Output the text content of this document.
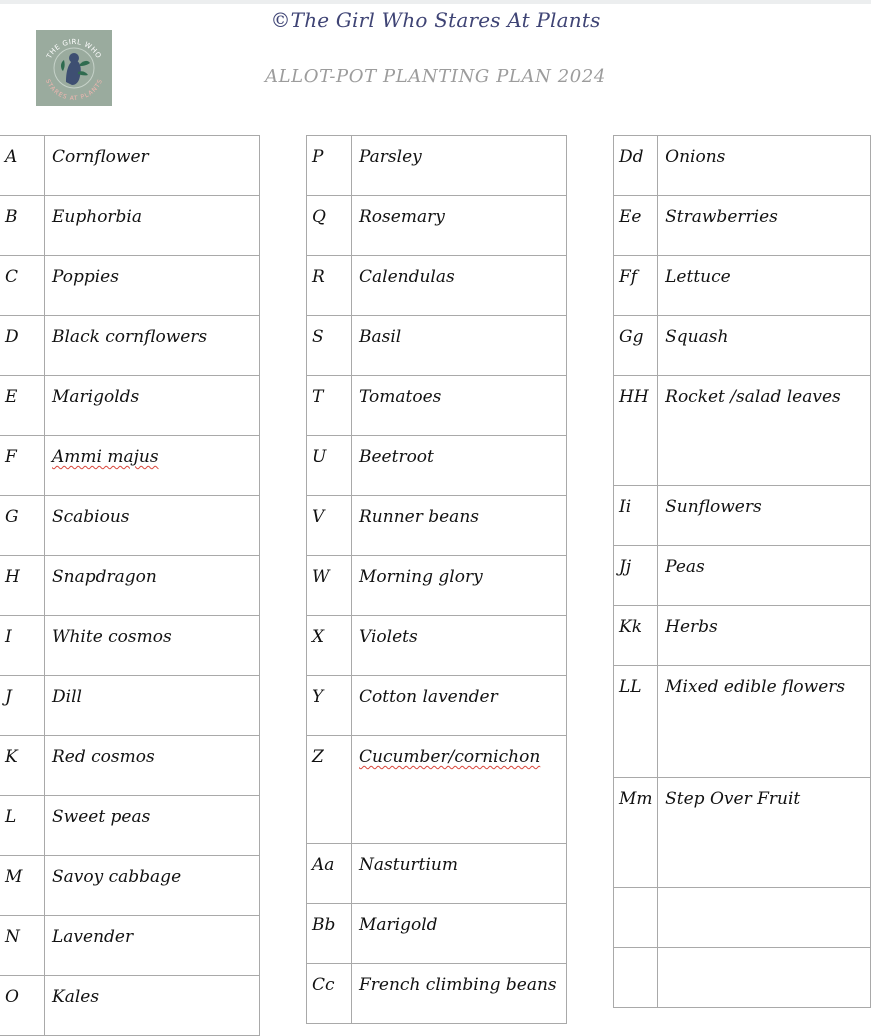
©The Girl Who Stares At Plants
THE GIRL WHO
STARES AT PLANTS	ALLOT-POT PLANTING PLAN 2024
A	Cornflower
B	Euphorbia
C	Poppies
D	Black cornflowers
E	Marigolds
F	Ammi majus
G	Scabious
H	Snapdragon
I	White cosmos
J	Dill
K	Red cosmos
L	Sweet peas
M	Savoy cabbage
N	Lavender
O	Kales
P	Parsley
Q	Rosemary
R	Calendulas
S	Basil
T	Tomatoes
U	Beetroot
V	Runner beans
W	Morning glory
X	Violets
Y	Cotton lavender
Z	Cucumber/cornichon
Aa	Nasturtium
Bb	Marigold
Cc	French climbing beans
Dd	Onions
Ee	Strawberries
Ff	Lettuce
Gg	Squash
HH	Rocket /salad leaves
Ii	Sunflowers
Jj	Peas
Kk	Herbs
LL	Mixed edible flowers
Mm	Step Over Fruit
